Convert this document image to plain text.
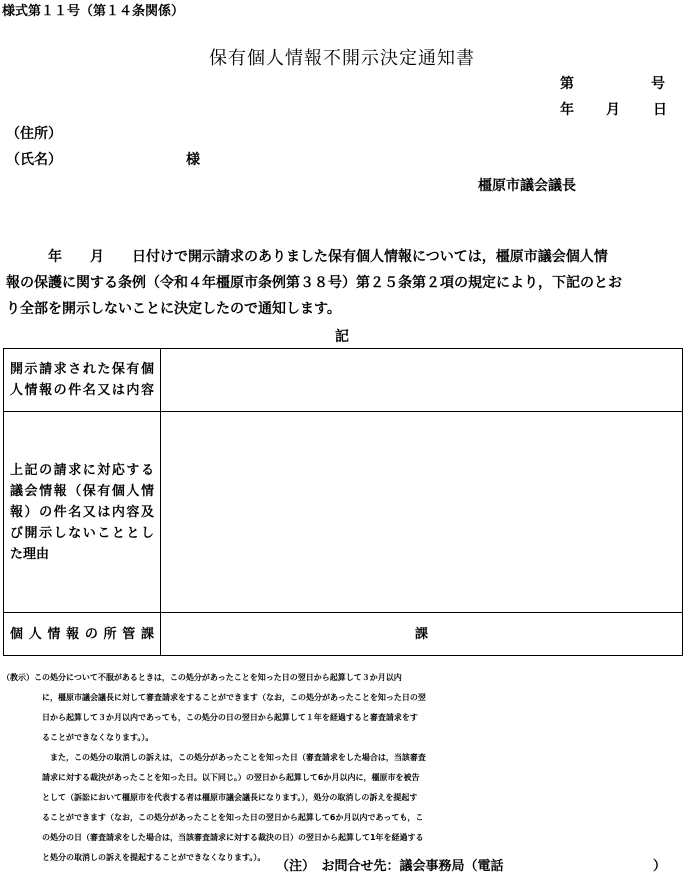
様式第１１号（第１４条関係）
保有個人情報不開示決定通知書
第	号
年 月 日
（住所）
（氏名）	様
橿原市議会議長
　　　年　　月　　日付けで開示請求のありました保有個人情報については，橿原市議会個人情
報の保護に関する条例（令和４年橿原市条例第３８号）第２５条第２項の規定により，下記のとお
り全部を開示しないことに決定したので通知します。
記
開示請求された保有個
人情報の件名又は内容	

上記の請求に対応する
議会情報（保有個人情
報）の件名又は内容及
び開示しないこととし
た理由	

個人情報の所管課	課
（教示）この処分について不服があるときは，この処分があったことを知った日の翌日から起算して３か月以内
に，橿原市議会議長に対して審査請求をすることができます（なお，この処分があったことを知った日の翌
日から起算して３か月以内であっても，この処分の日の翌日から起算して１年を経過すると審査請求をす
ることができなくなります。）。
　また，この処分の取消しの訴えは，この処分があったことを知った日（審査請求をした場合は，当該審査
請求に対する裁決があったことを知った日。以下同じ。）の翌日から起算して6か月以内に，橿原市を被告
として（訴訟において橿原市を代表する者は橿原市議会議長になります。），処分の取消しの訴えを提起す
ることができます（なお，この処分があったことを知った日の翌日から起算して6か月以内であっても，こ
の処分の日（審査請求をした場合は，当該審査請求に対する裁決の日）の翌日から起算して1年を経過する
と処分の取消しの訴えを提起することができなくなります。）。
（注）　お問合せ先：議会事務局（電話	）
